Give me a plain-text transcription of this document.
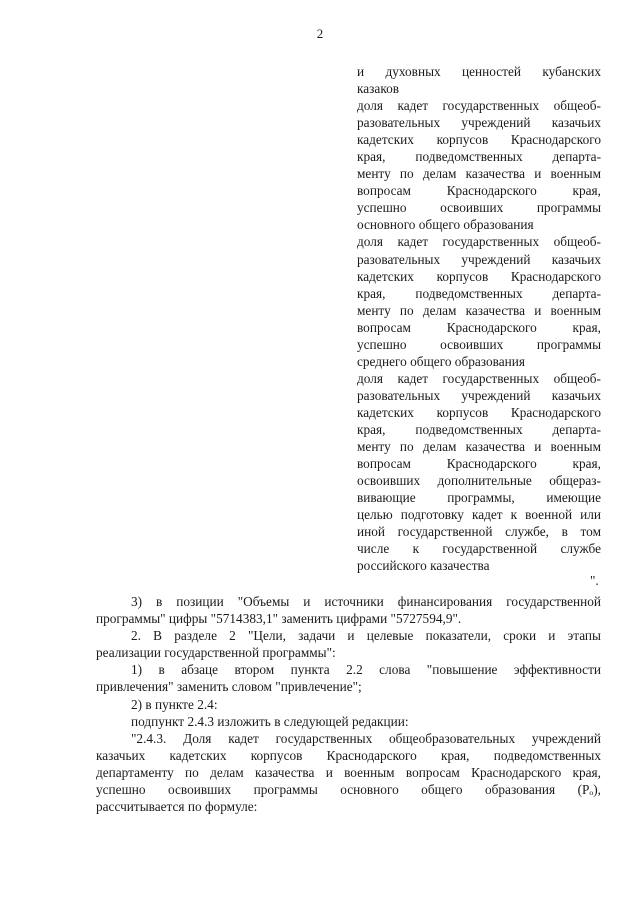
2
и духовных ценностей кубанских
казаков
доля кадет государственных общеоб-
разовательных учреждений казачьих
кадетских корпусов Краснодарского
края, подведомственных департа-
менту по делам казачества и военным
вопросам Краснодарского края,
успешно освоивших программы
основного общего образования
доля кадет государственных общеоб-
разовательных учреждений казачьих
кадетских корпусов Краснодарского
края, подведомственных департа-
менту по делам казачества и военным
вопросам Краснодарского края,
успешно освоивших программы
среднего общего образования
доля кадет государственных общеоб-
разовательных учреждений казачьих
кадетских корпусов Краснодарского
края, подведомственных департа-
менту по делам казачества и военным
вопросам Краснодарского края,
освоивших дополнительные общераз-
вивающие программы, имеющие
целью подготовку кадет к военной или
иной государственной службе, в том
числе к государственной службе
российского казачества
".
3) в позиции "Объемы и источники финансирования государственной
программы" цифры "5714383,1" заменить цифрами "5727594,9".
2. В разделе 2 "Цели, задачи и целевые показатели, сроки и этапы
реализации государственной программы":
1) в абзаце втором пункта 2.2 слова "повышение эффективности
привлечения" заменить словом "привлечение";
2) в пункте 2.4:
подпункт 2.4.3 изложить в следующей редакции:
"2.4.3. Доля кадет государственных общеобразовательных учреждений
казачьих кадетских корпусов Краснодарского края, подведомственных
департаменту по делам казачества и военным вопросам Краснодарского края,
успешно освоивших программы основного общего образования (Pₒ),
рассчитывается по формуле:
